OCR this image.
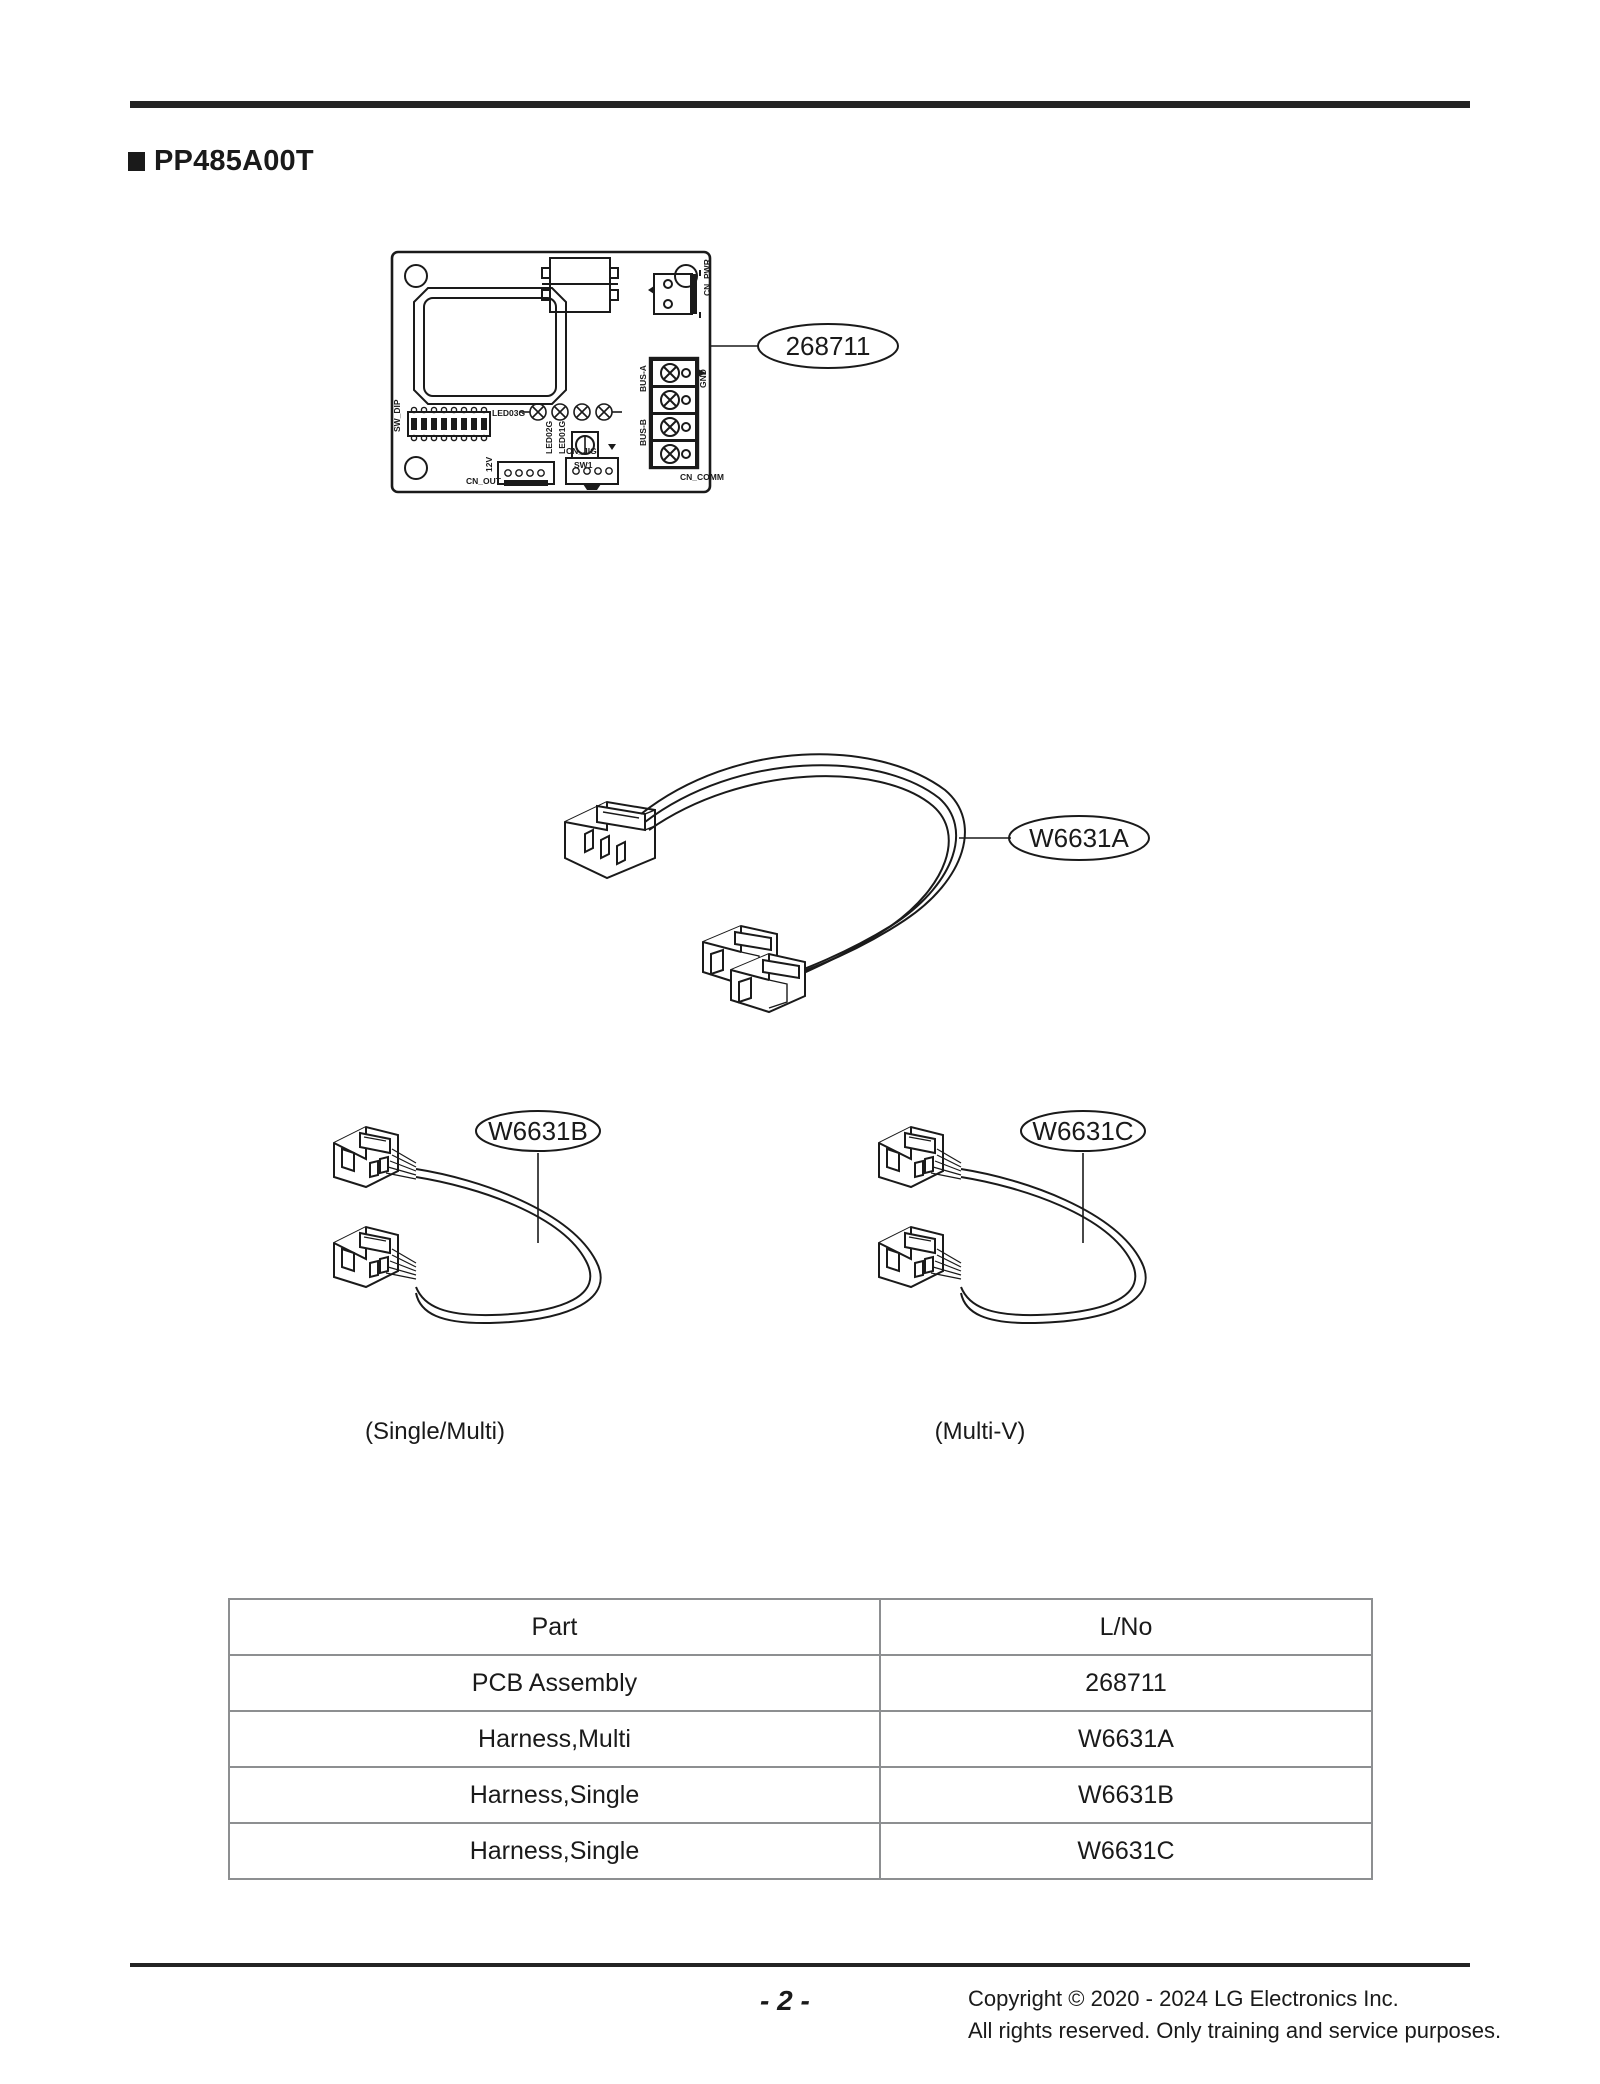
PP485A00T
268711
SW_DIP	LED03G
LED02G LED01G
SW1
CN_JIG
CN_OUT
12V
CN_PWR
BUS-A
BUS-B
GND
CN_COMM
W6631A
W6631B
(Single/Multi)
W6631C
(Multi-V)
Part	L/No
PCB Assembly	268711
Harness,Multi	W6631A
Harness,Single	W6631B
Harness,Single	W6631C
- 2 -	Copyright © 2020 - 2024 LG Electronics Inc.
All rights reserved. Only training and service purposes.
